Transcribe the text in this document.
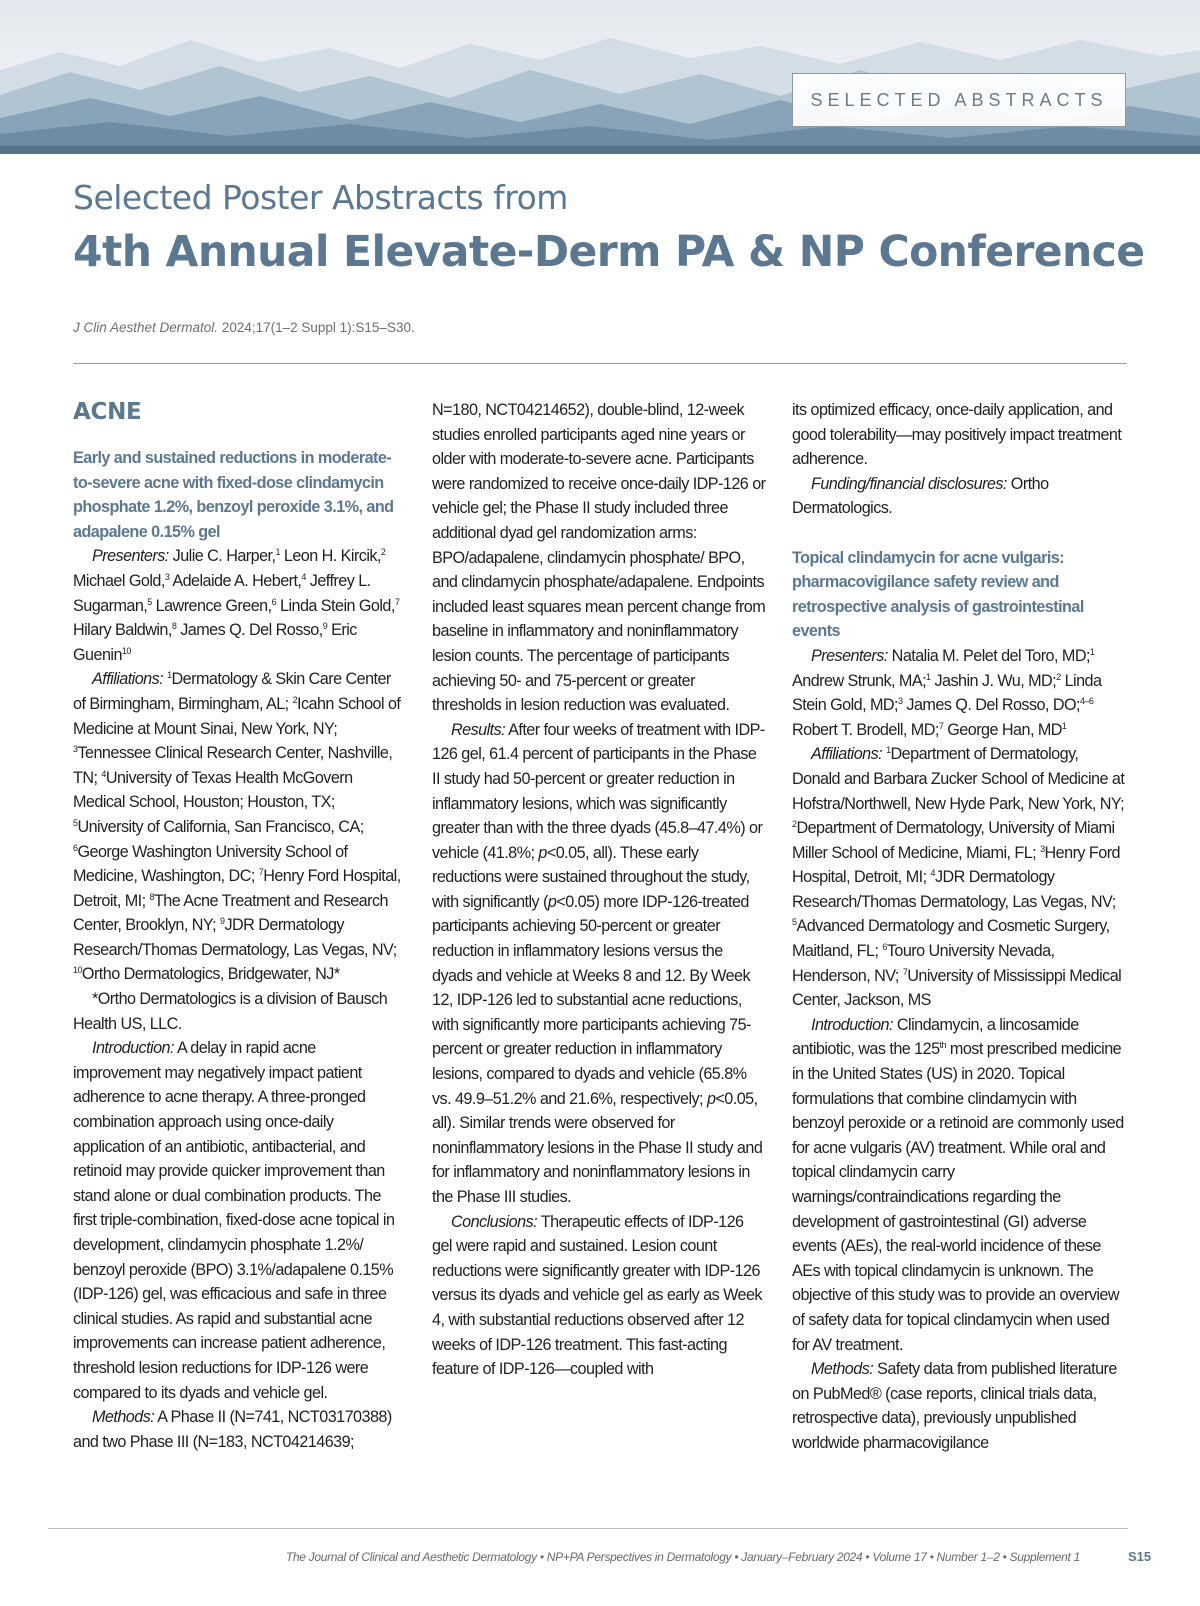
SELECTED ABSTRACTS
Selected Poster Abstracts from
4th Annual Elevate-Derm PA & NP Conference
J Clin Aesthet Dermatol. 2024;17(1–2 Suppl 1):S15–S30.
ACNE

Early and sustained reductions in moderate-to-severe acne with fixed-dose clindamycin phosphate 1.2%, benzoyl peroxide 3.1%, and adapalene 0.15% gel

Presenters: Julie C. Harper,$^1$ Leon H. Kircik,$^2$ Michael Gold,$^3$ Adelaide A. Hebert,$^4$ Jeffrey L. Sugarman,$^5$ Lawrence Green,$^6$ Linda Stein Gold,$^7$ Hilary Baldwin,$^8$ James Q. Del Rosso,$^9$ Eric Guenin$^{10}$

Affiliations: $^1$Dermatology & Skin Care Center of Birmingham, Birmingham, AL; $^2$Icahn School of Medicine at Mount Sinai, New York, NY; $^3$Tennessee Clinical Research Center, Nashville, TN; $^4$University of Texas Health McGovern Medical School, Houston; Houston, TX; $^5$University of California, San Francisco, CA; $^6$George Washington University School of Medicine, Washington, DC; $^7$Henry Ford Hospital, Detroit, MI; $^8$The Acne Treatment and Research Center, Brooklyn, NY; $^9$JDR Dermatology Research/Thomas Dermatology, Las Vegas, NV; $^{10}$Ortho Dermatologics, Bridgewater, NJ*

*Ortho Dermatologics is a division of Bausch Health US, LLC.

Introduction: A delay in rapid acne improvement may negatively impact patient adherence to acne therapy. A three-pronged combination approach using once-daily application of an antibiotic, antibacterial, and retinoid may provide quicker improvement than stand alone or dual combination products. The first triple-combination, fixed-dose acne topical in development, clindamycin phosphate 1.2%/ benzoyl peroxide (BPO) 3.1%/adapalene 0.15% (IDP-126) gel, was efficacious and safe in three clinical studies. As rapid and substantial acne improvements can increase patient adherence, threshold lesion reductions for IDP-126 were compared to its dyads and vehicle gel.

Methods: A Phase II (N=741, NCT03170388) and two Phase III (N=183, NCT04214639;

N=180, NCT04214652), double-blind, 12-week studies enrolled participants aged nine years or older with moderate-to-severe acne. Participants were randomized to receive once-daily IDP-126 or vehicle gel; the Phase II study included three additional dyad gel randomization arms: BPO/adapalene, clindamycin phosphate/ BPO, and clindamycin phosphate/adapalene. Endpoints included least squares mean percent change from baseline in inflammatory and noninflammatory lesion counts. The percentage of participants achieving 50- and 75-percent or greater thresholds in lesion reduction was evaluated.

Results: After four weeks of treatment with IDP-126 gel, 61.4 percent of participants in the Phase II study had 50-percent or greater reduction in inflammatory lesions, which was significantly greater than with the three dyads (45.8–47.4%) or vehicle (41.8%; p<0.05, all). These early reductions were sustained throughout the study, with significantly (p<0.05) more IDP-126-treated participants achieving 50-percent or greater reduction in inflammatory lesions versus the dyads and vehicle at Weeks 8 and 12. By Week 12, IDP-126 led to substantial acne reductions, with significantly more participants achieving 75-percent or greater reduction in inflammatory lesions, compared to dyads and vehicle (65.8% vs. 49.9–51.2% and 21.6%, respectively; p<0.05, all). Similar trends were observed for noninflammatory lesions in the Phase II study and for inflammatory and noninflammatory lesions in the Phase III studies.

Conclusions: Therapeutic effects of IDP-126 gel were rapid and sustained. Lesion count reductions were significantly greater with IDP-126 versus its dyads and vehicle gel as early as Week 4, with substantial reductions observed after 12 weeks of IDP-126 treatment. This fast-acting feature of IDP-126—coupled with

its optimized efficacy, once-daily application, and good tolerability—may positively impact treatment adherence.

Funding/financial disclosures: Ortho Dermatologics.

Topical clindamycin for acne vulgaris: pharmacovigilance safety review and retrospective analysis of gastrointestinal events

Presenters: Natalia M. Pelet del Toro, MD;$^1$ Andrew Strunk, MA;$^1$ Jashin J. Wu, MD;$^2$ Linda Stein Gold, MD;$^3$ James Q. Del Rosso, DO;$^{4-6}$ Robert T. Brodell, MD;$^7$ George Han, $MD^1$

Affiliations: $^1$Department of Dermatology, Donald and Barbara Zucker School of Medicine at Hofstra/Northwell, New Hyde Park, New York, NY; $^2$Department of Dermatology, University of Miami Miller School of Medicine, Miami, FL; $^3$Henry Ford Hospital, Detroit, MI; $^4$JDR Dermatology Research/Thomas Dermatology, Las Vegas, NV; $^5$Advanced Dermatology and Cosmetic Surgery, Maitland, FL; $^6$Touro University Nevada, Henderson, NV; $^7$University of Mississippi Medical Center, Jackson, MS

Introduction: Clindamycin, a lincosamide antibiotic, was the 125th most prescribed medicine in the United States (US) in 2020. Topical formulations that combine clindamycin with benzoyl peroxide or a retinoid are commonly used for acne vulgaris (AV) treatment. While oral and topical clindamycin carry warnings/contraindications regarding the development of gastrointestinal (GI) adverse events (AEs), the real-world incidence of these AEs with topical clindamycin is unknown. The objective of this study was to provide an overview of safety data for topical clindamycin when used for AV treatment.

Methods: Safety data from published literature on PubMed® (case reports, clinical trials data, retrospective data), previously unpublished worldwide pharmacovigilance

The Journal of Clinical and Aesthetic Dermatology • NP+PA Perspectives in Dermatology • January–February 2024 • Volume 17 • Number 1–2 • Supplement 1	S15
